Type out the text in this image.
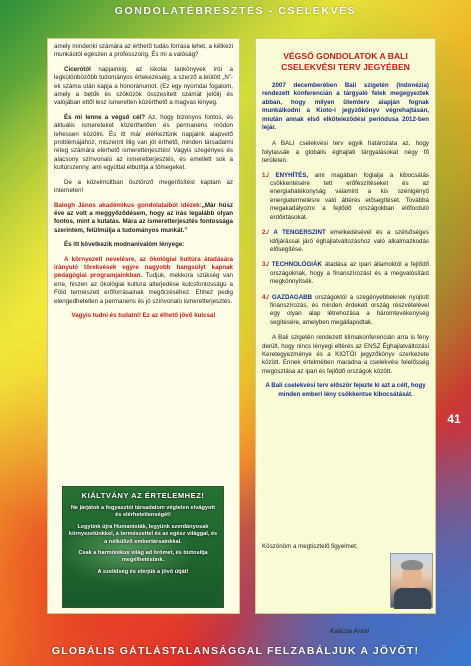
GONDOLATÉBRESZTÉS - CSELEKVÉS

amely mindenki számára az érthető tudás forrása lehet, a kétkezi munkástól egészen a professzorig. És mi a valóság?

Cicerótól napjainkig, az iskolai tankönyvek írói a legkülönbözőbb tudományos értekezéseig, a szerző a leütött „N”-ek száma után kapja a honoráriumot. (Ez egy nyomdai fogalom, amely a betűk és szóközök összesített számát jelöli) és valójában ettől lesz ismeretlen közérthető a magvas lényeg.

És mi lenne a végső cél? Az, hogy bizonyos fontos, és aktuális ismereteket közérthetően és permanens módon lehessen közölni. És itt már elérkeztünk napjaink alapvető problémájához, miszerint illig van jól érthető, minden társadalmi réteg számára elérhető ismeretterjesztés! Vagyis szegényes és alacsony színvonalú az ismeretterjesztés, és emellett sok a kultúrszenny, ami együttal elbutítja a tömegeket.

De a közelmúltban ösztönző megerősítést kaptam az interneten!

Balogh János akadémikus gondolataiból idézek:„Már húsz éve az volt a meggyőződésem, hogy az írás legalább olyan fontos, mint a kutatás. Mára az ismeretterjesztés fontossága szerintem, felülmúlja a tudományos munkát.”

És itt következik modnanivalóm lényege:

A környezeti nevelésre, az ökológiai kultúra átadására irányuló törekvések egyre nagyobb hangsúlyt kapnak pedagógiai programjainkban. Tudjuk, mekkora szükség van erre, hiszen az ökológiai kultúra alterjedése kulcsfontosságú a Föld természeti erőforrásainak megőrzéséhez. Ehhez pedig elengedhetetlen a permanens és jó színvonalú ismeretterjesztés.

Vagyis tudni és tudatni! Ez az élhető jövő kulcsa!

KIÁLTVÁNY AZ ÉRTELEMHEZ!
Ne járjátok a fogyasztói társadalom végtelen elvágyott és elérhetetlenségét!
Legyünk újra Humanisták, legyünk szerdányosak környezetünkkel, a természettel és az egész világgal, és a nélküliző embertársainkkal.
Csak a harmónikus világ ad örömet, és biztosítja megélhetésünk.
A szelídség és elérjük a jövő útját!
VÉGSŐ GONDOLATOK A BALI CSELEKVÉSI TERV JEGYÉBEN

2007 decemberében Bali szigetén (Indonézia) rendezett konferencián a tárgyaló felek megegyeztek abban, hogy milyen ütemterv alapján fognak munkálkodni a Kioto-i jegyzőkönyv végrehajtásán, miután annak első elkötelezödési periódusa 2012-ben lejár.

A BALI cselekvési terv egyik határozata az, hogy folytassák a globális éghajlati tárgyalásokat négy fő területen.

1./ ENYHÍTÉS, ami magában foglalja a kibocsátás csökkentésére tett erőfeszítéseket és az energiahatékonyság valamint a kis szénigényű energiatermelésre való áttérés elősegítését. Továbbá megakadályozni a fejlődő országokban előforduló erdőirtásokat.

2./ A TENGERSZINT emelkedésével és a szélsőséges időjárással járó éghajlatváltozáshoz való alkalmazkodás elősegítése.

3./ TECHNOLÓGIÁK átadása az ipari államoktól a fejlődő országoknak, hogy a finanszírozást és a megvalósítást megkönnyítsék.

4./ GAZDAGABB országoktól a szegényebbeknek nyújtott finanszírozás, és minden érdekelt ország részvételével egy olyan alap létrehozása a háromtevékenység segítésére, amelyben megállapodtak.

A Bali szigetén rendezett klímakonferencián arra is fény derült, hogy nincs lényegi eltérés az ENSZ Éghajlatváltozási Keretegyezménye és a KIOTÓI jegyzőkönyv szerkezete között. Ennek értelmében maradna a cselekvési felelősség megosztása az ipari és fejlődő országok között.

A Bali cselekvési terv először fejezte ki azt a célt, hogy minden emberi lény csökkentse kibocsátását.

Köszönöm a megtisztelő figyelmet:
Kalicza Antal
41
GLOBÁLIS GÁTLÁSTALANSÁGGAL FELZABÁLJUK A JÖVŐT!
